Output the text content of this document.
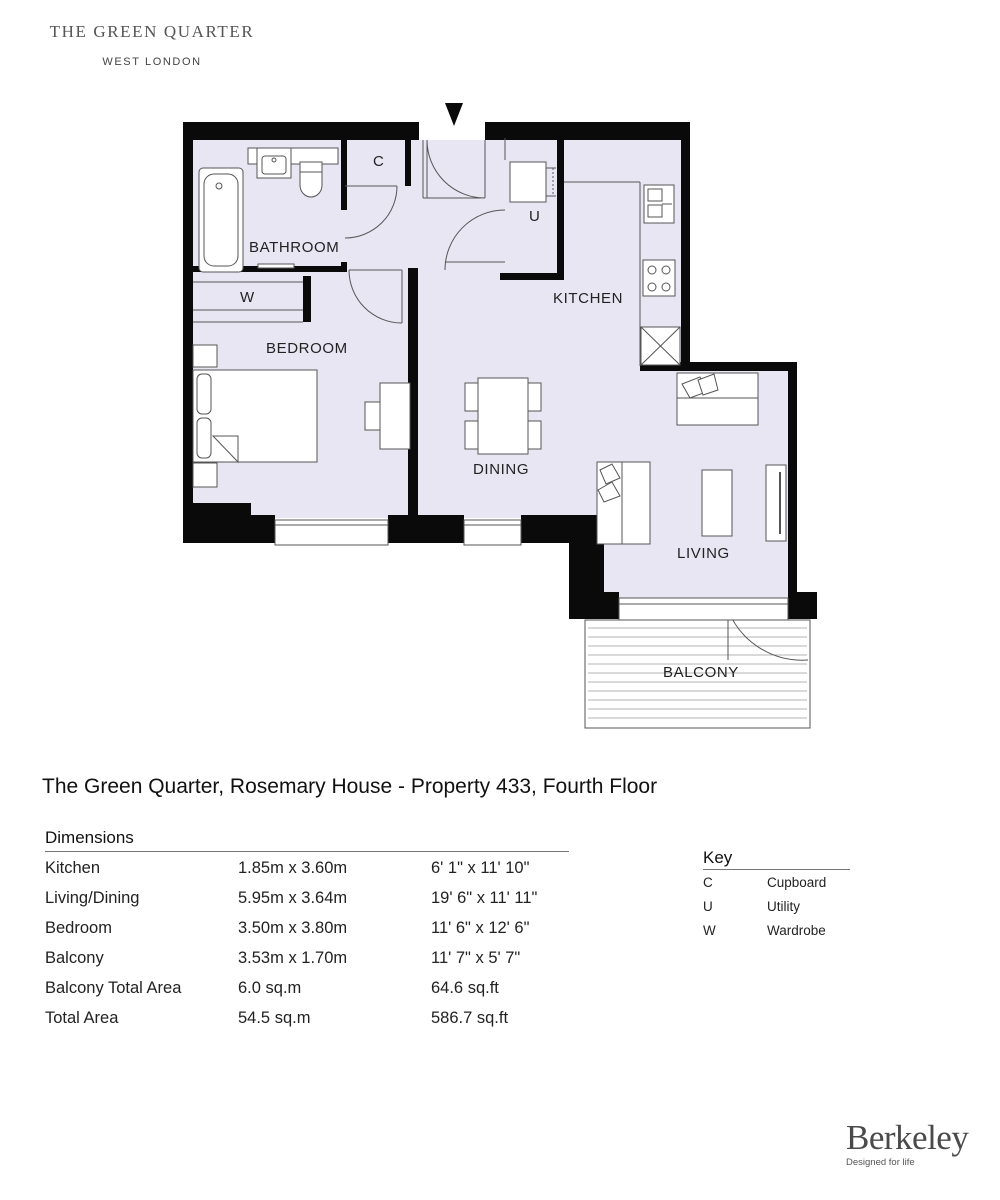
THE GREEN QUARTER
WEST LONDON
BATHROOM
BEDROOM
KITCHEN
DINING
LIVING
BALCONY
C
U
W
The Green Quarter, Rosemary House - Property 433, Fourth Floor
Dimensions
Kitchen	1.85m x 3.60m	6' 1" x 11' 10"
Living/Dining	5.95m x 3.64m	19' 6" x 11' 11"
Bedroom	3.50m x 3.80m	11' 6" x 12' 6"
Balcony	3.53m x 1.70m	11' 7" x 5' 7"
Balcony Total Area	6.0 sq.m	64.6 sq.ft
Total Area	54.5 sq.m	586.7 sq.ft
Key
C	Cupboard
U	Utility
W	Wardrobe
Berkeley
Designed for life
